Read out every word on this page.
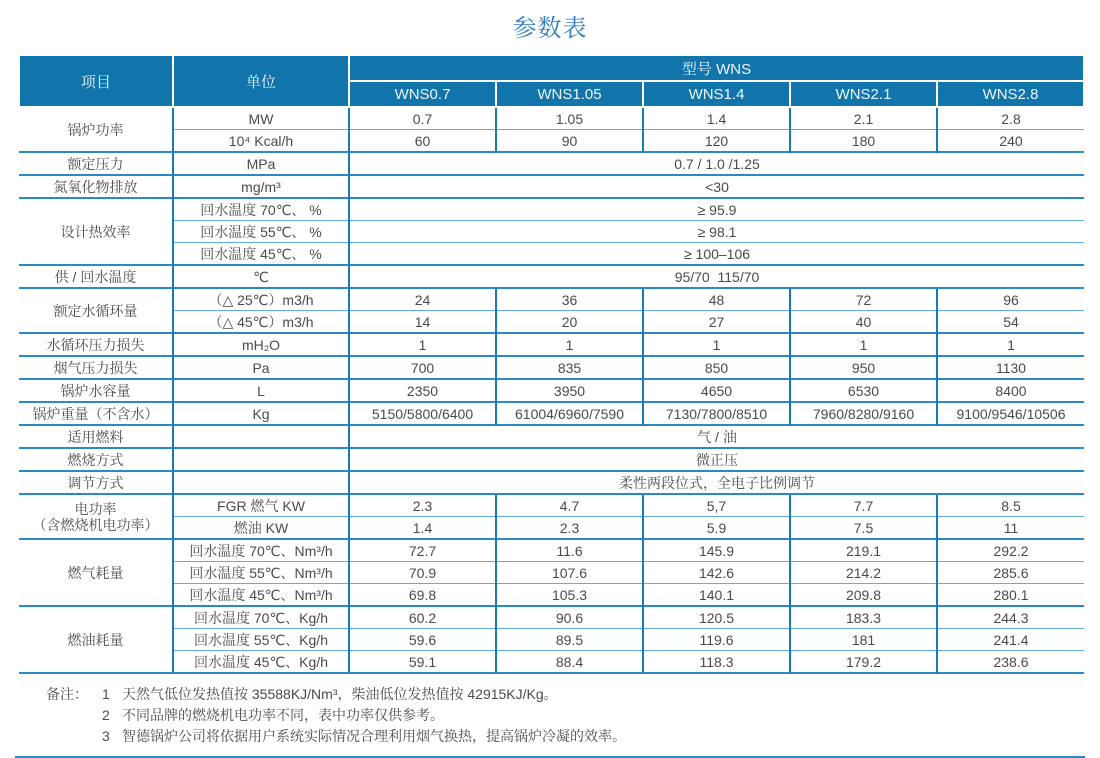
参数表
项目	单位	型号 WNS				
		WNS0.7	WNS1.05	WNS1.4	WNS2.1	WNS2.8
锅炉功率	MW	0.7	1.05	1.4	2.1	2.8
	10⁴ Kcal/h	60	90	120	180	240
额定压力	MPa	0.7 / 1.0 /1.25				
氮氧化物排放	mg/m³	<30				
设计热效率	回水温度 70℃、 %	≥ 95.9				
	回水温度 55℃、 %	≥ 98.1				
	回水温度 45℃、 %	≥ 100–106				
供 / 回水温度	℃	95/70  115/70				
额定水循环量	（△ 25℃）m3/h	24	36	48	72	96
	（△ 45℃）m3/h	14	20	27	40	54
水循环压力损失	mH₂O	1	1	1	1	1
烟气压力损失	Pa	700	835	850	950	1130
锅炉水容量	L	2350	3950	4650	6530	8400
锅炉重量（不含水）	Kg	5150/5800/6400	61004/6960/7590	7130/7800/8510	7960/8280/9160	9100/9546/10506
适用燃料		气 / 油				
燃烧方式		微正压				
调节方式		柔性两段位式，全电子比例调节				

电功率
（含燃烧机电功率）	FGR 燃气 KW	2.3	4.7	5,7	7.7	8.5
	燃油 KW	1.4	2.3	5.9	7.5	11
燃气耗量	回水温度 70℃、Nm³/h	72.7	11.6	145.9	219.1	292.2
	回水温度 55℃、Nm³/h	70.9	107.6	142.6	214.2	285.6
	回水温度 45℃、Nm³/h	69.8	105.3	140.1	209.8	280.1
燃油耗量	回水温度 70℃、Kg/h	60.2	90.6	120.5	183.3	244.3
	回水温度 55℃、Kg/h	59.6	89.5	119.6	181	241.4
	回水温度 45℃、Kg/h	59.1	88.4	118.3	179.2	238.6
备注：	1 天然气低位发热值按 35588KJ/Nm³，柴油低位发热值按 42915KJ/Kg。
2 不同品牌的燃烧机电功率不同，表中功率仅供参考。
3 智德锅炉公司将依据用户系统实际情况合理利用烟气换热，提高锅炉冷凝的效率。
